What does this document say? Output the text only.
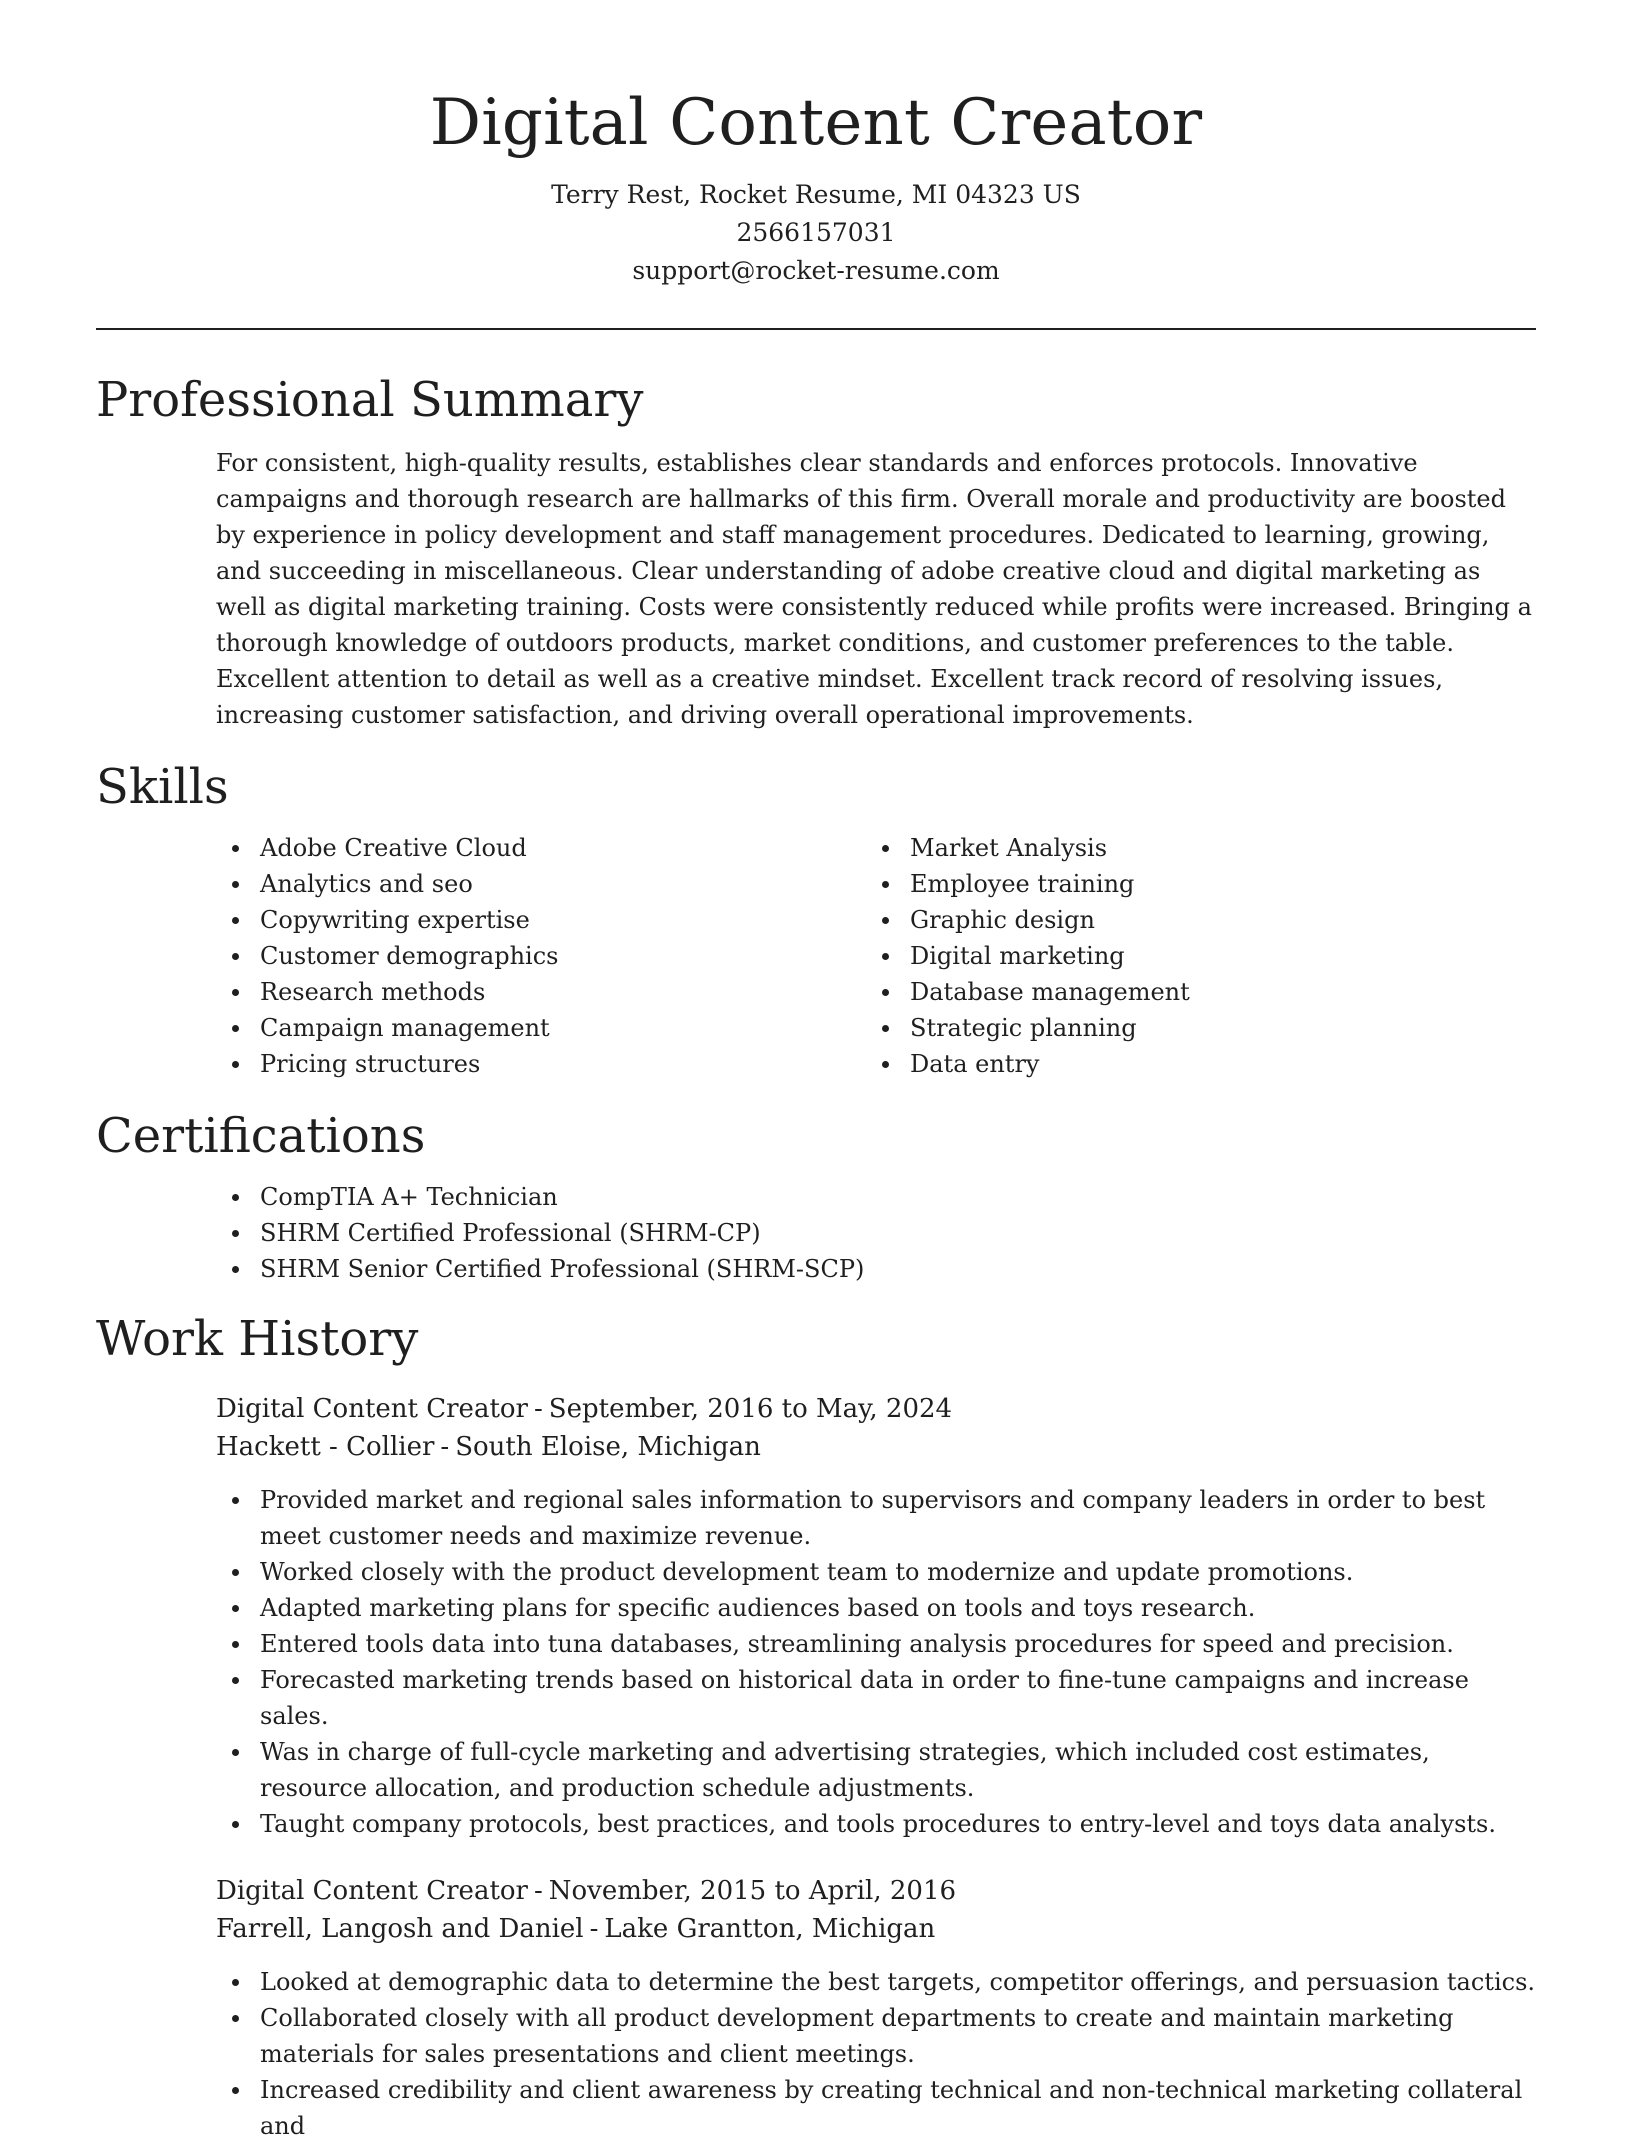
Digital Content Creator

Terry Rest, Rocket Resume, MI 04323 US

2566157031

support@rocket-resume.com

Professional Summary

For consistent, high-quality results, establishes clear standards and enforces protocols. Innovative campaigns and thorough research are hallmarks of this firm. Overall morale and productivity are boosted by experience in policy development and staff management procedures. Dedicated to learning, growing, and succeeding in miscellaneous. Clear understanding of adobe creative cloud and digital marketing as well as digital marketing training. Costs were consistently reduced while profits were increased. Bringing a thorough knowledge of outdoors products, market conditions, and customer preferences to the table. Excellent attention to detail as well as a creative mindset. Excellent track record of resolving issues, increasing customer satisfaction, and driving overall operational improvements.

Skills
Adobe Creative Cloud
Analytics and seo
Copywriting expertise
Customer demographics
Research methods
Campaign management
Pricing structures
Market Analysis
Employee training
Graphic design
Digital marketing
Database management
Strategic planning
Data entry
Certifications
CompTIA A+ Technician
SHRM Certified Professional (SHRM-CP)
SHRM Senior Certified Professional (SHRM-SCP)
Work History

Digital Content Creator - September, 2016 to May, 2024

Hackett - Collier - South Eloise, Michigan

Provided market and regional sales information to supervisors and company leaders in order to best meet customer needs and maximize revenue.
Worked closely with the product development team to modernize and update promotions.
Adapted marketing plans for specific audiences based on tools and toys research.
Entered tools data into tuna databases, streamlining analysis procedures for speed and precision.
Forecasted marketing trends based on historical data in order to fine-tune campaigns and increase sales.
Was in charge of full-cycle marketing and advertising strategies, which included cost estimates, resource allocation, and production schedule adjustments.
Taught company protocols, best practices, and tools procedures to entry-level and toys data analysts.

Digital Content Creator - November, 2015 to April, 2016

Farrell, Langosh and Daniel - Lake Grantton, Michigan

Looked at demographic data to determine the best targets, competitor offerings, and persuasion tactics.
Collaborated closely with all product development departments to create and maintain marketing materials for sales presentations and client meetings.
Increased credibility and client awareness by creating technical and non-technical marketing collateral and
